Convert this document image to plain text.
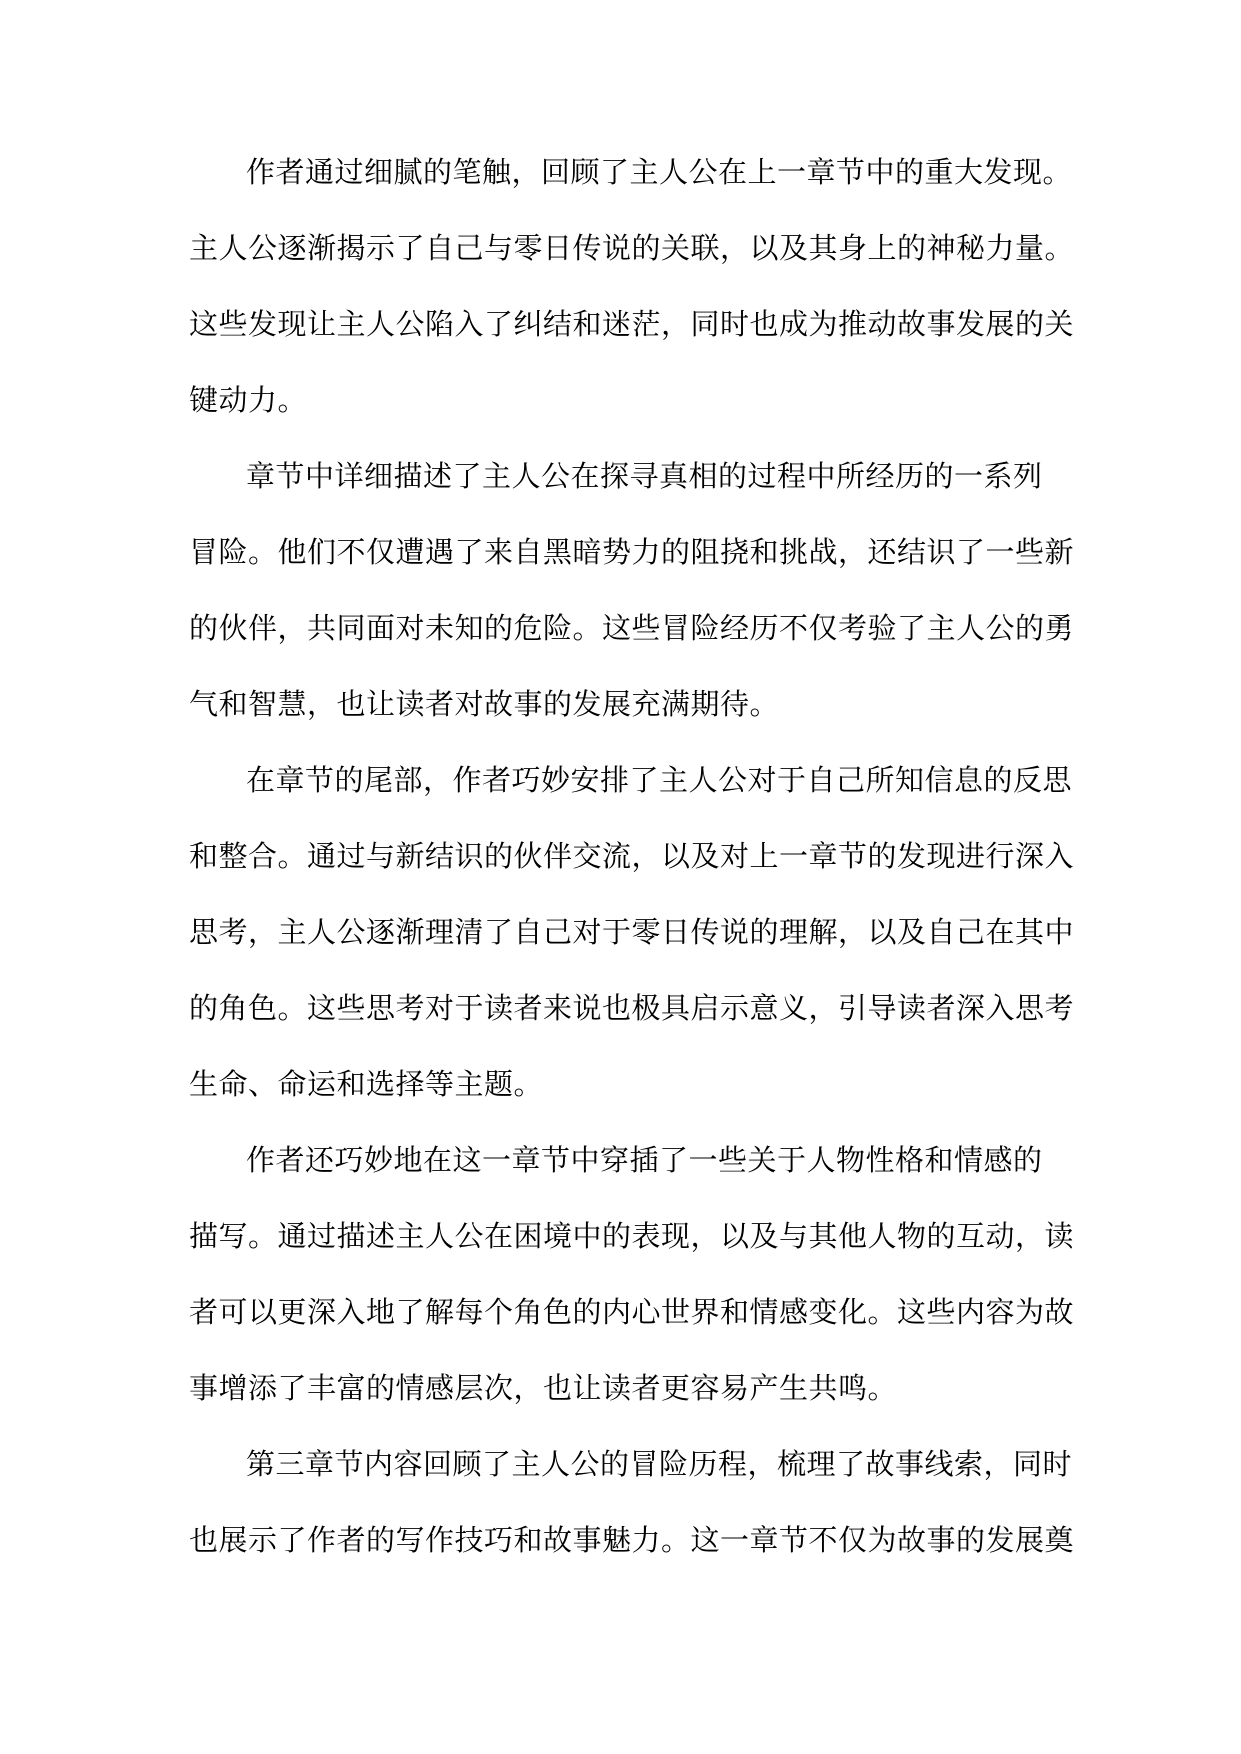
作者通过细腻的笔触，回顾了主人公在上一章节中的重大发现。
主人公逐渐揭示了自己与零日传说的关联，以及其身上的神秘力量。
这些发现让主人公陷入了纠结和迷茫，同时也成为推动故事发展的关
键动力。
章节中详细描述了主人公在探寻真相的过程中所经历的一系列
冒险。他们不仅遭遇了来自黑暗势力的阻挠和挑战，还结识了一些新
的伙伴，共同面对未知的危险。这些冒险经历不仅考验了主人公的勇
气和智慧，也让读者对故事的发展充满期待。
在章节的尾部，作者巧妙安排了主人公对于自己所知信息的反思
和整合。通过与新结识的伙伴交流，以及对上一章节的发现进行深入
思考，主人公逐渐理清了自己对于零日传说的理解，以及自己在其中
的角色。这些思考对于读者来说也极具启示意义，引导读者深入思考
生命、命运和选择等主题。
作者还巧妙地在这一章节中穿插了一些关于人物性格和情感的
描写。通过描述主人公在困境中的表现，以及与其他人物的互动，读
者可以更深入地了解每个角色的内心世界和情感变化。这些内容为故
事增添了丰富的情感层次，也让读者更容易产生共鸣。
第三章节内容回顾了主人公的冒险历程，梳理了故事线索，同时
也展示了作者的写作技巧和故事魅力。这一章节不仅为故事的发展奠
